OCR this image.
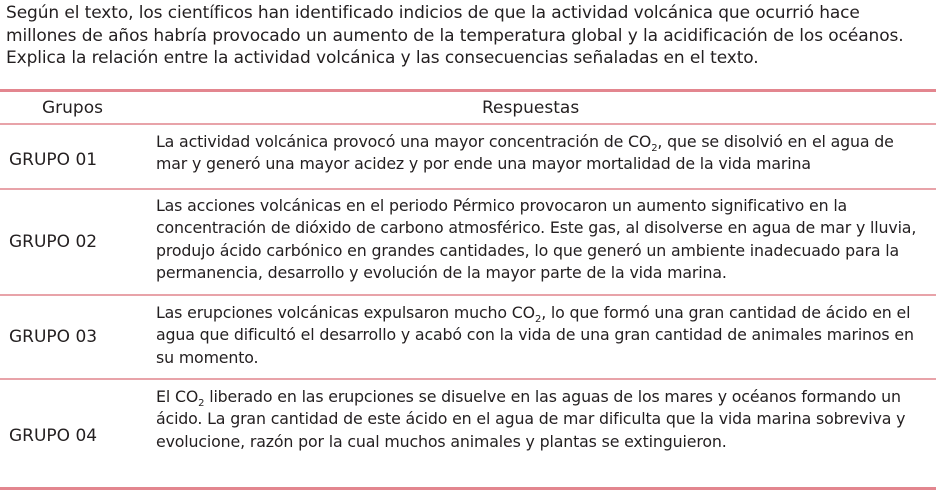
Según el texto, los científicos han identificado indicios de que la actividad volcánica que ocurrió hace millones de años habría provocado un aumento de la temperatura global y la acidificación de los océanos. Explica la relación entre la actividad volcánica y las consecuencias señaladas en el texto.
Grupos	Respuestas
GRUPO 01
La actividad volcánica provocó una mayor concentración de $CO_2$, que se disolvió en el agua de mar y generó una mayor acidez y por ende una mayor mortalidad de la vida marina
GRUPO 02
Las acciones volcánicas en el periodo Pérmico provocaron un aumento significativo en la concentración de dióxido de carbono atmosférico. Este gas, al disolverse en agua de mar y lluvia, produjo ácido carbónico en grandes cantidades, lo que generó un ambiente inadecuado para la permanencia, desarrollo y evolución de la mayor parte de la vida marina.
GRUPO 03
Las erupciones volcánicas expulsaron mucho $CO_2$, lo que formó una gran cantidad de ácido en el agua que dificultó el desarrollo y acabó con la vida de una gran cantidad de animales marinos en su momento.
GRUPO 04
El $CO_2$ liberado en las erupciones se disuelve en las aguas de los mares y océanos formando un ácido. La gran cantidad de este ácido en el agua de mar dificulta que la vida marina sobreviva y evolucione, razón por la cual muchos animales y plantas se extinguieron.
